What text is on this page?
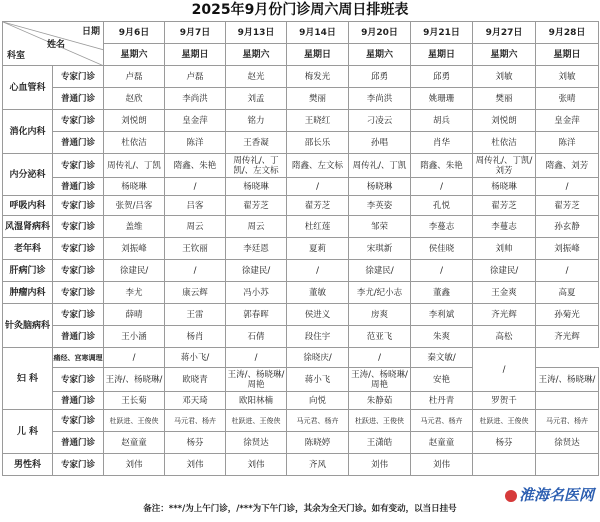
2025年9月份门诊周六周日排班表
日期
科室
姓名		9月6日	9月7日	9月13日	9月14日	9月20日	9月21日	9月27日	9月28日
		星期六	星期日	星期六	星期日	星期六	星期日	星期六	星期日
心血管科	专家门诊	卢磊	卢磊	赵光	梅发光	邱勇	邱勇	刘敏	刘敏
	普通门诊	赵欣	李尚洪	刘孟	樊丽	李尚洪	姚珊珊	樊丽	张晴
消化内科	专家门诊	刘悦朗	皇金萍	铭力	王晓红	刁凌云	胡兵	刘悦朗	皇金萍
	普通门诊	杜依洁	陈洋	王香凝	邵长乐	孙唱	肖华	杜依洁	陈洋
内分泌科	专家门诊	周传礼/、丁凯	隋鑫、朱艳	周传礼/、丁凯/、左文标	隋鑫、左文标	周传礼/、丁凯	隋鑫、朱艳	周传礼/、丁凯/刘芳	隋鑫、刘芳
	普通门诊	杨晓琳	/	杨晓琳	/	杨晓琳	/	杨晓琳	/
呼吸内科	专家门诊	张贺/吕客	吕客	翟芳芝	翟芳芝	李英姿	孔悦	翟芳芝	翟芳芝
风湿肾病科	专家门诊	盖维	周云	周云	杜红莲	邹荣	李蔓志	李蔓志	孙玄静
老年科	专家门诊	刘振峰	王钦丽	李廷恩	夏莉	宋琪新	侯佳晓	刘帅	刘振峰
肝病门诊	专家门诊	徐建民/	/	徐建民/	/	徐建民/	/	徐建民/	/
肿瘤内科	专家门诊	李尤	康云辉	冯小苏	董敏	李尤/纪小志	董鑫	王金爽	高夏
针灸脑病科	专家门诊	薛晴	王雷	郭春晖	侯进义	房爽	李利斌	齐光辉	孙菊光
	普通门诊	王小涵	杨肖	石倩	段住宇	范亚飞	朱爽	高松	齐光辉
妇 科	痛经、宫寒调理	/	蒋小飞/	/	徐晓庆/	/	秦文敏/	/	
	专家门诊	王涛/、杨晓琳/	欧晓青	王涛/、杨晓琳/周艳	蒋小飞	王涛/、杨晓琳/周艳	安艳		王涛/、杨晓琳/
	普通门诊	王长菊	邓天琦	欧阳林楠	向悦	朱静茹	杜丹青	罗贺千	
儿 科	专家门诊	杜跃进、王俊侠	马元君、杨卉	杜跃进、王俊侠	马元君、杨卉	杜跃进、王俊侠	马元君、杨卉	杜跃进、王俊侠	马元君、杨卉
	普通门诊	赵童童	杨芬	徐贤达	陈晓婷	王潇皓	赵童童	杨芬	徐贤达
男性科	专家门诊	刘伟	刘伟	刘伟	齐风	刘伟	刘伟		
备注：***/为上午门诊，/***为下午门诊，其余为全天门诊。如有变动，以当日挂号
淮海名医网
